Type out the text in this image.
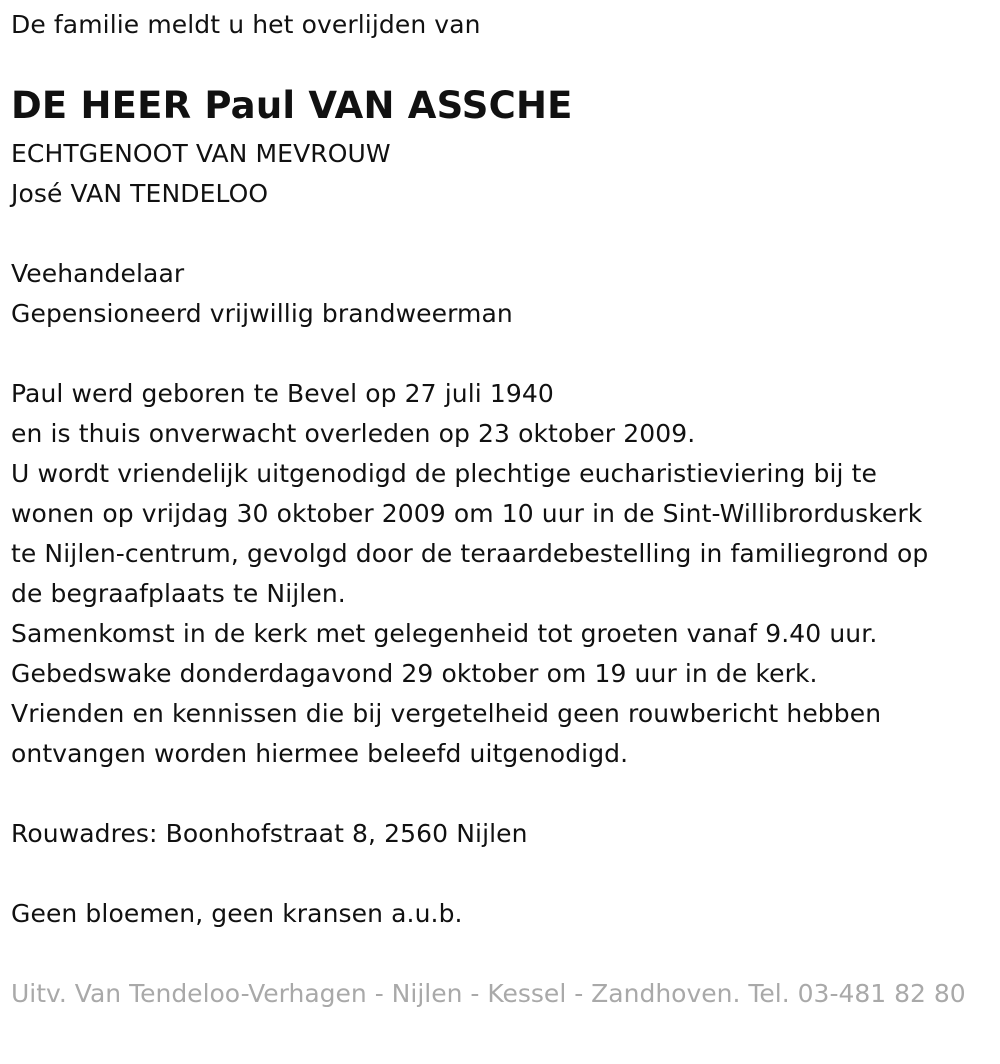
De familie meldt u het overlijden van
DE HEER Paul VAN ASSCHE
ECHTGENOOT VAN MEVROUW
José VAN TENDELOO
Veehandelaar
Gepensioneerd vrijwillig brandweerman
Paul werd geboren te Bevel op 27 juli 1940
en is thuis onverwacht overleden op 23 oktober 2009.
U wordt vriendelijk uitgenodigd de plechtige eucharistieviering bij te
wonen op vrijdag 30 oktober 2009 om 10 uur in de Sint-Willibrorduskerk
te Nijlen-centrum, gevolgd door de teraardebestelling in familiegrond op
de begraafplaats te Nijlen.
Samenkomst in de kerk met gelegenheid tot groeten vanaf 9.40 uur.
Gebedswake donderdagavond 29 oktober om 19 uur in de kerk.
Vrienden en kennissen die bij vergetelheid geen rouwbericht hebben
ontvangen worden hiermee beleefd uitgenodigd.
Rouwadres: Boonhofstraat 8, 2560 Nijlen
Geen bloemen, geen kransen a.u.b.
Uitv. Van Tendeloo-Verhagen - Nijlen - Kessel - Zandhoven. Tel. 03-481 82 80
